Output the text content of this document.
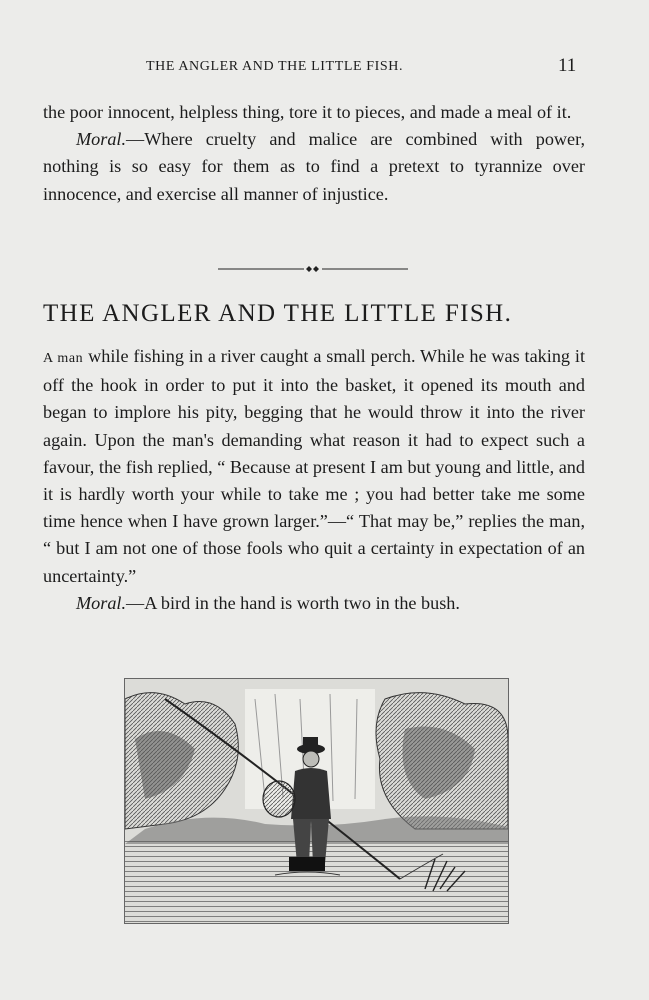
THE ANGLER AND THE LITTLE FISH.	11

the poor innocent, helpless thing, tore it to pieces, and made a meal of it.

Moral.—Where cruelty and malice are combined with power, nothing is so easy for them as to find a pretext to tyrannize over innocence, and exercise all manner of injustice.

THE ANGLER AND THE LITTLE FISH.

A man while fishing in a river caught a small perch. While he was taking it off the hook in order to put it into the basket, it opened its mouth and began to implore his pity, begging that he would throw it into the river again. Upon the man's demanding what reason it had to expect such a favour, the fish replied, “ Because at present I am but young and little, and it is hardly worth your while to take me ; you had better take me some time hence when I have grown larger.”—“ That may be,” replies the man, “ but I am not one of those fools who quit a certainty in expectation of an uncertainty.”

Moral.—A bird in the hand is worth two in the bush.
